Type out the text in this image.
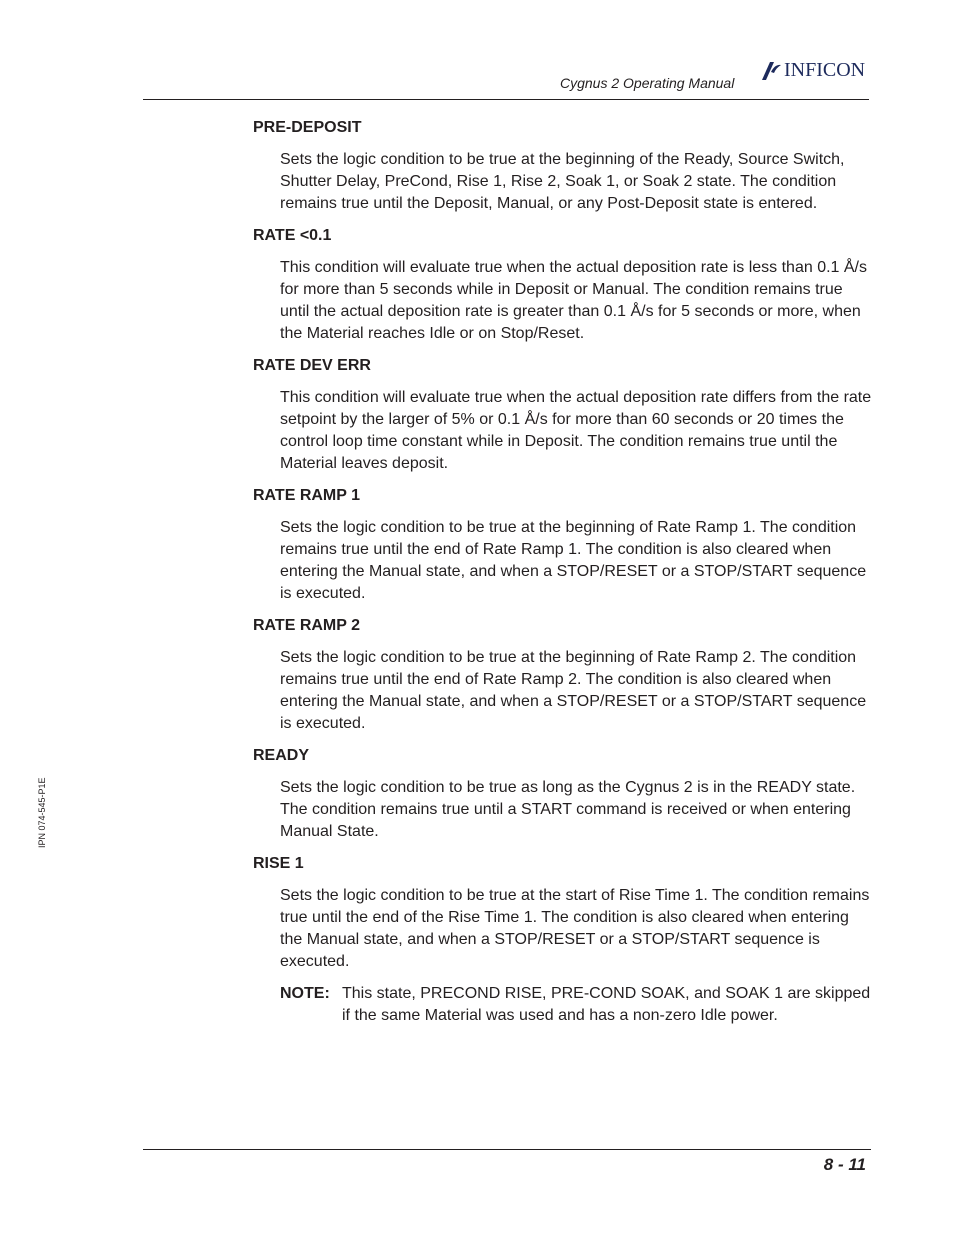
Cygnus 2 Operating Manual
INFICON
IPN 074-545-P1E
PRE-DEPOSIT

Sets the logic condition to be true at the beginning of the Ready, Source Switch, Shutter Delay, PreCond, Rise 1, Rise 2, Soak 1, or Soak 2 state. The condition remains true until the Deposit, Manual, or any Post-Deposit state is entered.

RATE <0.1

This condition will evaluate true when the actual deposition rate is less than 0.1 Å/s for more than 5 seconds while in Deposit or Manual. The condition remains true until the actual deposition rate is greater than 0.1 Å/s for 5 seconds or more, when the Material reaches Idle or on Stop/Reset.

RATE DEV ERR

This condition will evaluate true when the actual deposition rate differs from the rate setpoint by the larger of 5% or 0.1 Å/s for more than 60 seconds or 20 times the control loop time constant while in Deposit. The condition remains true until the Material leaves deposit.

RATE RAMP 1

Sets the logic condition to be true at the beginning of Rate Ramp 1. The condition remains true until the end of Rate Ramp 1. The condition is also cleared when entering the Manual state, and when a STOP/RESET or a STOP/START sequence is executed.

RATE RAMP 2

Sets the logic condition to be true at the beginning of Rate Ramp 2. The condition remains true until the end of Rate Ramp 2. The condition is also cleared when entering the Manual state, and when a STOP/RESET or a STOP/START sequence is executed.

READY

Sets the logic condition to be true as long as the Cygnus 2 is in the READY state. The condition remains true until a START command is received or when entering Manual State.

RISE 1

Sets the logic condition to be true at the start of Rise Time 1. The condition remains true until the end of the Rise Time 1. The condition is also cleared when entering the Manual state, and when a STOP/RESET or a STOP/START sequence is executed.

NOTE: This state, PRECOND RISE, PRE-COND SOAK, and SOAK 1 are skipped if the same Material was used and has a non-zero Idle power.
8 - 11
